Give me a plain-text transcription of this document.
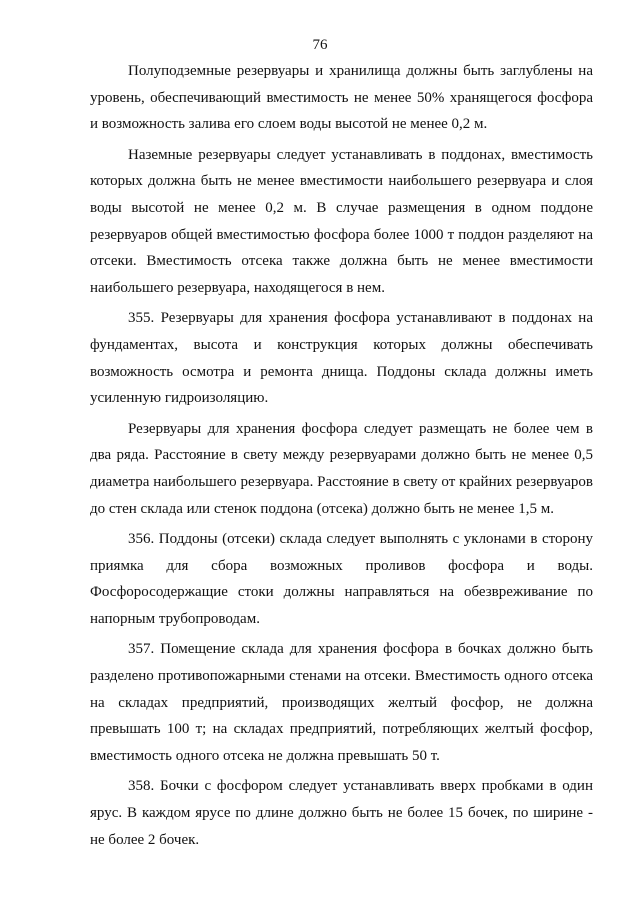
76

Полуподземные резервуары и хранилища должны быть заглублены на уровень, обеспечивающий вместимость не менее 50% хранящегося фосфора и возможность залива его слоем воды высотой не менее 0,2 м.

Наземные резервуары следует устанавливать в поддонах, вместимость которых должна быть не менее вместимости наибольшего резервуара и слоя воды высотой не менее 0,2 м. В случае размещения в одном поддоне резервуаров общей вместимостью фосфора более 1000 т поддон разделяют на отсеки. Вместимость отсека также должна быть не менее вместимости наибольшего резервуара, находящегося в нем.

355. Резервуары для хранения фосфора устанавливают в поддонах на фундаментах, высота и конструкция которых должны обеспечивать возможность осмотра и ремонта днища. Поддоны склада должны иметь усиленную гидроизоляцию.

Резервуары для хранения фосфора следует размещать не более чем в два ряда. Расстояние в свету между резервуарами должно быть не менее 0,5 диаметра наибольшего резервуара. Расстояние в свету от крайних резервуаров до стен склада или стенок поддона (отсека) должно быть не менее 1,5 м.

356. Поддоны (отсеки) склада следует выполнять с уклонами в сторону приямка для сбора возможных проливов фосфора и воды. Фосфоросодержащие стоки должны направляться на обезвреживание по напорным трубопроводам.

357. Помещение склада для хранения фосфора в бочках должно быть разделено противопожарными стенами на отсеки. Вместимость одного отсека на складах предприятий, производящих желтый фосфор, не должна превышать 100 т; на складах предприятий, потребляющих желтый фосфор, вместимость одного отсека не должна превышать 50 т.

358. Бочки с фосфором следует устанавливать вверх пробками в один ярус. В каждом ярусе по длине должно быть не более 15 бочек, по ширине - не более 2 бочек.
